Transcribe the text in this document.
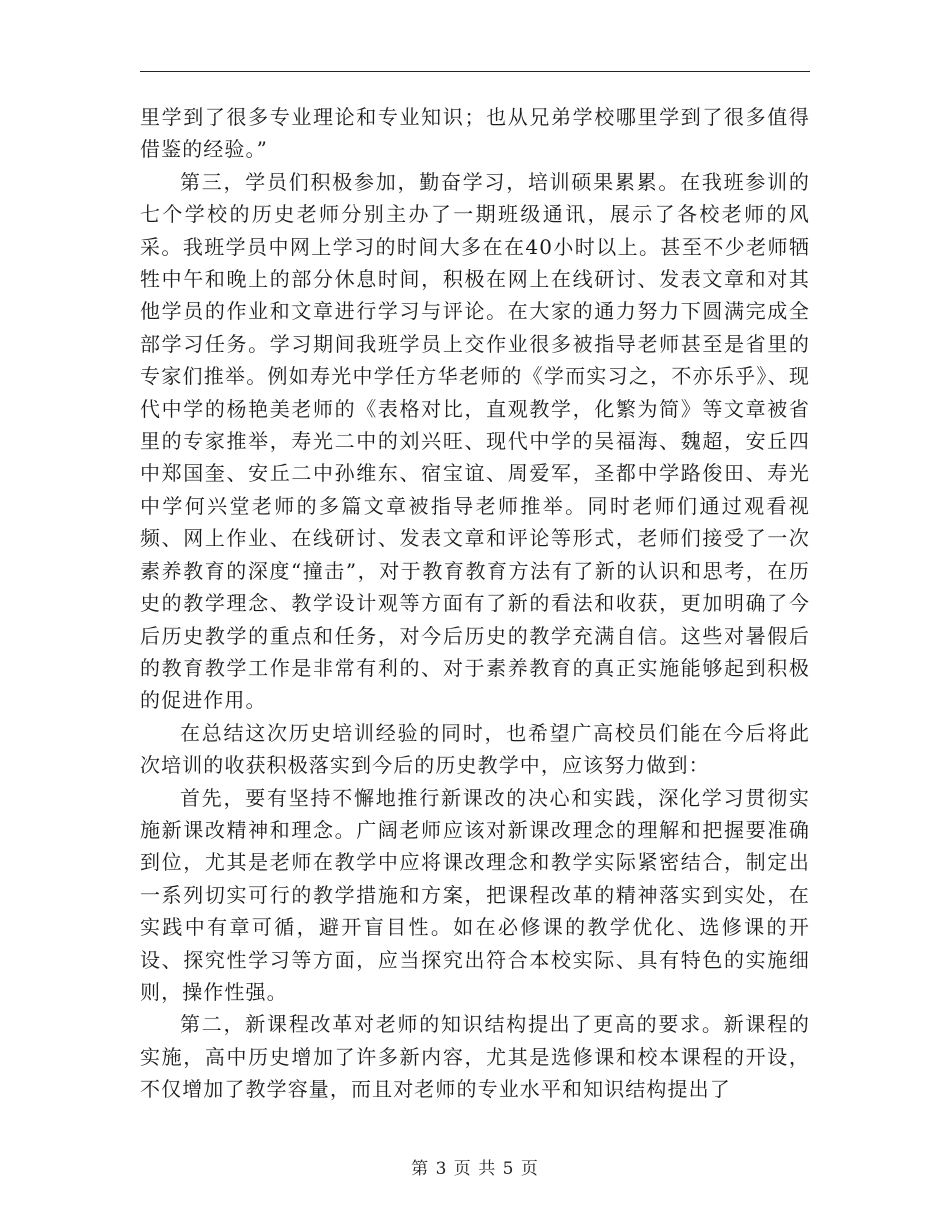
里学到了很多专业理论和专业知识；也从兄弟学校哪里学到了很多值得借鉴的经验。”

第三，学员们积极参加，勤奋学习，培训硕果累累。在我班参训的七个学校的历史老师分别主办了一期班级通讯，展示了各校老师的风采。我班学员中网上学习的时间大多在在40小时以上。甚至不少老师牺牲中午和晚上的部分休息时间，积极在网上在线研讨、发表文章和对其他学员的作业和文章进行学习与评论。在大家的通力努力下圆满完成全部学习任务。学习期间我班学员上交作业很多被指导老师甚至是省里的专家们推举。例如寿光中学任方华老师的《学而实习之，不亦乐乎》、现代中学的杨艳美老师的《表格对比，直观教学，化繁为简》等文章被省里的专家推举，寿光二中的刘兴旺、现代中学的吴福海、魏超，安丘四中郑国奎、安丘二中孙维东、宿宝谊、周爱军，圣都中学路俊田、寿光中学何兴堂老师的多篇文章被指导老师推举。同时老师们通过观看视频、网上作业、在线研讨、发表文章和评论等形式，老师们接受了一次素养教育的深度“撞击”，对于教育教育方法有了新的认识和思考，在历史的教学理念、教学设计观等方面有了新的看法和收获，更加明确了今后历史教学的重点和任务，对今后历史的教学充满自信。这些对暑假后的教育教学工作是非常有利的、对于素养教育的真正实施能够起到积极的促进作用。

在总结这次历史培训经验的同时，也希望广高校员们能在今后将此次培训的收获积极落实到今后的历史教学中，应该努力做到：

首先，要有坚持不懈地推行新课改的决心和实践，深化学习贯彻实施新课改精神和理念。广阔老师应该对新课改理念的理解和把握要准确到位，尤其是老师在教学中应将课改理念和教学实际紧密结合，制定出一系列切实可行的教学措施和方案，把课程改革的精神落实到实处，在实践中有章可循，避开盲目性。如在必修课的教学优化、选修课的开设、探究性学习等方面，应当探究出符合本校实际、具有特色的实施细则，操作性强。

第二，新课程改革对老师的知识结构提出了更高的要求。新课程的实施，高中历史增加了许多新内容，尤其是选修课和校本课程的开设，不仅增加了教学容量，而且对老师的专业水平和知识结构提出了

第 3 页 共 5 页
